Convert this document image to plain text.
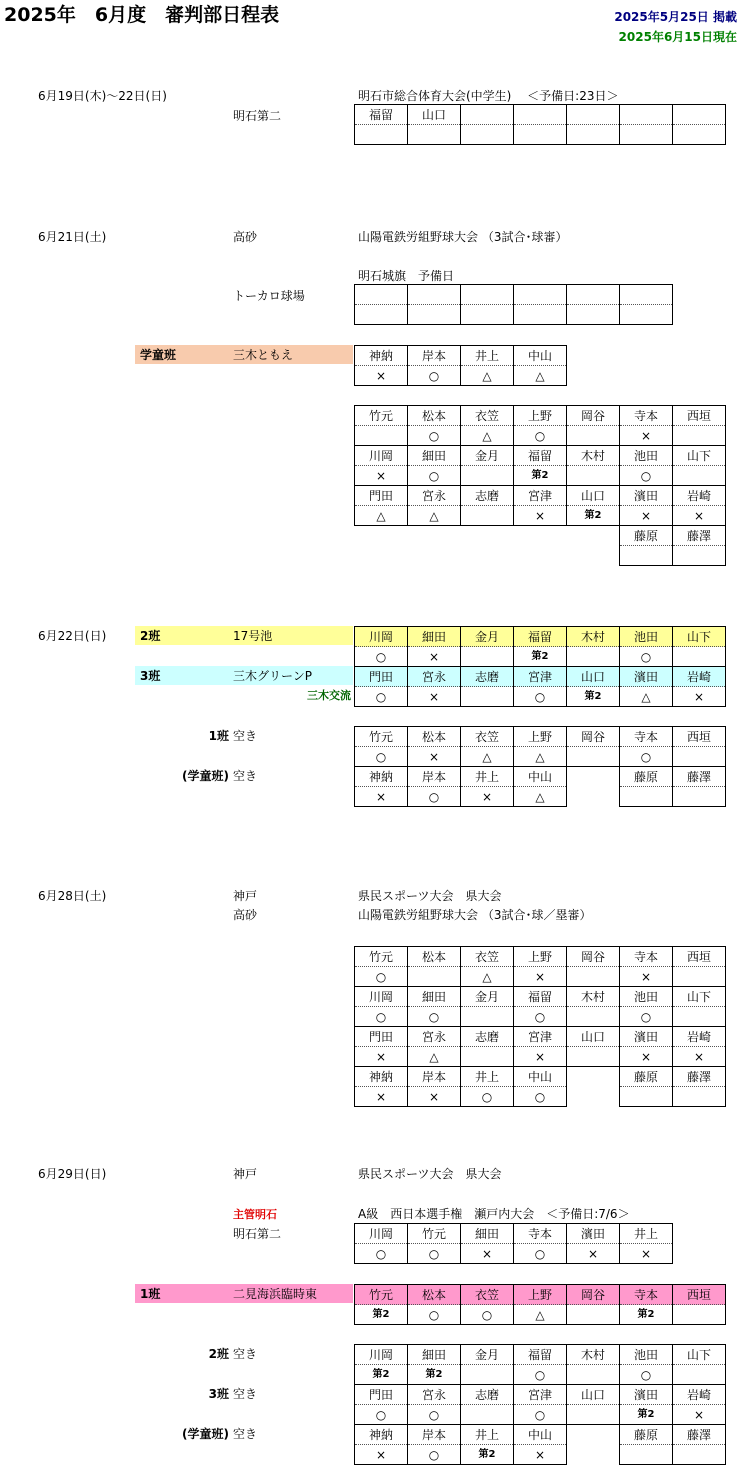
2025年　6月度　審判部日程表	2025年5月25日 掲載
2025年6月15日現在
6月19日(木)～22日(日)	明石市総合体育大会(中学生)　 ＜予備日:23日＞
明石第二	福留	山口					

6月21日(土)	高砂	山陽電鉄労組野球大会 （3試合･球審）
明石城旗　予備日
トーカロ球場

学童班	三木ともえ	神納	岸本	井上	中山
×	○	△	△
竹元	松本	衣笠	上野	岡谷	寺本	西垣
	○	△	○		×	
川岡	細田	金月	福留	木村	池田	山下
×	○		第2		○	
門田	宮永	志磨	宮津	山口	濱田	岩崎
△	△		×	第2	×	×
					藤原	藤澤

6月22日(日)	2班	17号池	川岡	細田	金月	福留	木村	池田	山下
○	×		第2		○	
3班	三木グリーンP
三木交流
門田	宮永	志磨	宮津	山口	濱田	岩崎
○	×		○	第2	△	×
1班 空き	竹元	松本	衣笠	上野	岡谷	寺本	西垣
○	×	△	△		○	
(学童班) 空き	神納	岸本	井上	中山		藤原	藤澤
×	○	×	△			
6月28日(土)	神戸	県民スポーツ大会　県大会
高砂	山陽電鉄労組野球大会 （3試合･球／塁審）
竹元	松本	衣笠	上野	岡谷	寺本	西垣
○		△	×		×	
川岡	細田	金月	福留	木村	池田	山下
○	○		○		○	
門田	宮永	志磨	宮津	山口	濱田	岩崎
×	△		×		×	×
神納	岸本	井上	中山		藤原	藤澤
×	×	○	○			
6月29日(日)	神戸	県民スポーツ大会　県大会
主管明石	A級　西日本選手権　瀬戸内大会　＜予備日:7/6＞
明石第二	川岡	竹元	細田	寺本	濱田	井上
○	○	×	○	×	×
1班	二見海浜臨時東	竹元	松本	衣笠	上野	岡谷	寺本	西垣
第2	○	○	△		第2	
2班 空き	川岡	細田	金月	福留	木村	池田	山下
第2	第2		○		○	
3班 空き	門田	宮永	志磨	宮津	山口	濱田	岩崎
○	○		○		第2	×
(学童班) 空き	神納	岸本	井上	中山		藤原	藤澤
×	○	第2	×			
